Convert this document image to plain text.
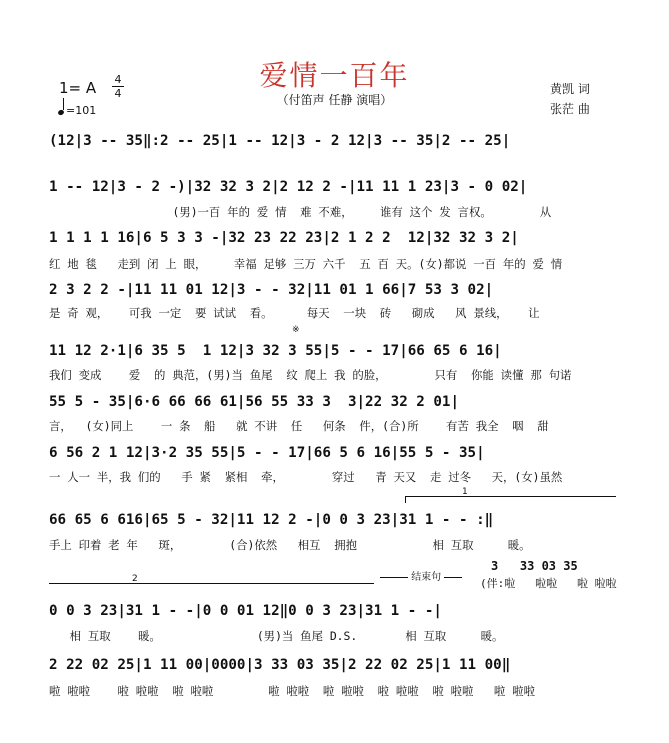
爱情一百年
（付笛声 任静 演唱）
1= A 4
4
=101
黄凯 词
张茫 曲
(12|3 -- 35‖:2 -- 25|1 -- 12|3 - 2 12|3 -- 35|2 -- 25|
1 -- 12|3 - 2 -)|32 32 3 2|2 12 2 -|11 11 1 23|3 - 0 02|
(男)一百 年的 爱 情  难 不难，    谁有 这个 发 言权。       从
1 1 1 1 16|6 5 3 3 -|32 23 22 23|2 1 2 2  12|32 32 3 2|
红 地 毯   走到 闭 上 眼，    幸福 足够 三万 六千  五 百 天。(女)都说 一百 年的 爱 情
2 3 2 2 -|11 11 01 12|3 - - 32|11 01 1 66|7 53 3 02|
是 奇 观，   可我 一定  要 试试  看。     每天  一块  砖   砌成   风 景线，   让
※
11 12 2·1|6 35 5  1 12|3 32 3 55|5 - - 17|66 65 6 16|
我们 变成    爱  的 典范，(男)当 鱼尾  纹 爬上 我 的脸，       只有  你能 读懂 那 句诺
55 5 - 35|6·6 66 66 61|56 55 33 3  3|22 32 2 01|
言，  (女)同上    一 条  船   就 不讲  任   何条  件，(合)所    有苦 我全  咽  甜
6 56 2 1 12|3·2 35 55|5 - - 17|66 5 6 16|55 5 - 35|
一 人一 半，我 们的   手 紧  紧相  牵，       穿过   青 天又  走 过冬   天，(女)虽然
1
66 65 6 616|65 5 - 32|11 12 2 -|0 0 3 23|31 1 - - :‖
手上 印着 老 年   斑，       (合)依然   相互  拥抱           相 互取     暖。
2	结束句
3   33 03 35
(伴:啦   啦啦   啦 啦啦
0 0 3 23|31 1 - -|0 0 01 12‖0 0 3 23|31 1 - -|
相 互取    暖。              (男)当 鱼尾 D.S.       相 互取     暖。
2 22 02 25|1 11 00|0000|3 33 03 35|2 22 02 25|1 11 00‖
啦 啦啦    啦 啦啦  啦 啦啦        啦 啦啦  啦 啦啦  啦 啦啦  啦 啦啦   啦 啦啦
